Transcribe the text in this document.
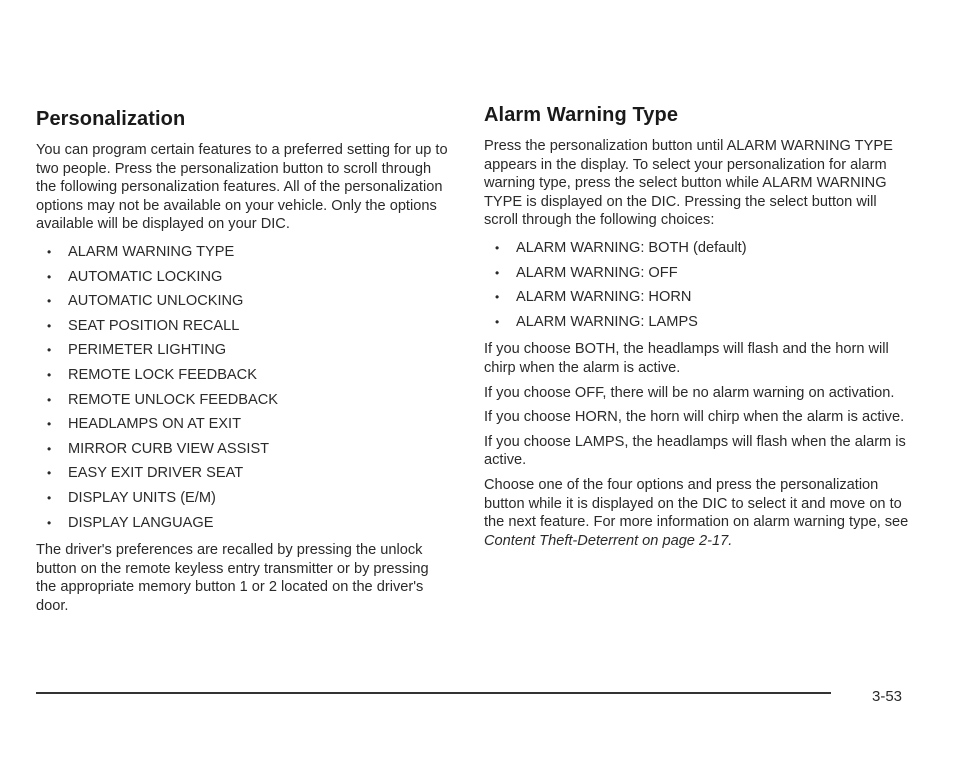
Personalization

You can program certain features to a preferred setting for up to two people. Press the personalization button to scroll through the following personalization features. All of the personalization options may not be available on your vehicle. Only the options available will be displayed on your DIC.

• ALARM WARNING TYPE
• AUTOMATIC LOCKING
• AUTOMATIC UNLOCKING
• SEAT POSITION RECALL
• PERIMETER LIGHTING
• REMOTE LOCK FEEDBACK
• REMOTE UNLOCK FEEDBACK
• HEADLAMPS ON AT EXIT
• MIRROR CURB VIEW ASSIST
• EASY EXIT DRIVER SEAT
• DISPLAY UNITS (E/M)
• DISPLAY LANGUAGE

The driver's preferences are recalled by pressing the unlock button on the remote keyless entry transmitter or by pressing the appropriate memory button 1 or 2 located on the driver's door.

Alarm Warning Type

Press the personalization button until ALARM WARNING TYPE appears in the display. To select your personalization for alarm warning type, press the select button while ALARM WARNING TYPE is displayed on the DIC. Pressing the select button will scroll through the following choices:

• ALARM WARNING: BOTH (default)
• ALARM WARNING: OFF
• ALARM WARNING: HORN
• ALARM WARNING: LAMPS

If you choose BOTH, the headlamps will flash and the horn will chirp when the alarm is active.

If you choose OFF, there will be no alarm warning on activation.

If you choose HORN, the horn will chirp when the alarm is active.

If you choose LAMPS, the headlamps will flash when the alarm is active.

Choose one of the four options and press the personalization button while it is displayed on the DIC to select it and move on to the next feature. For more information on alarm warning type, see Content Theft-Deterrent on page 2-17.

3-53
